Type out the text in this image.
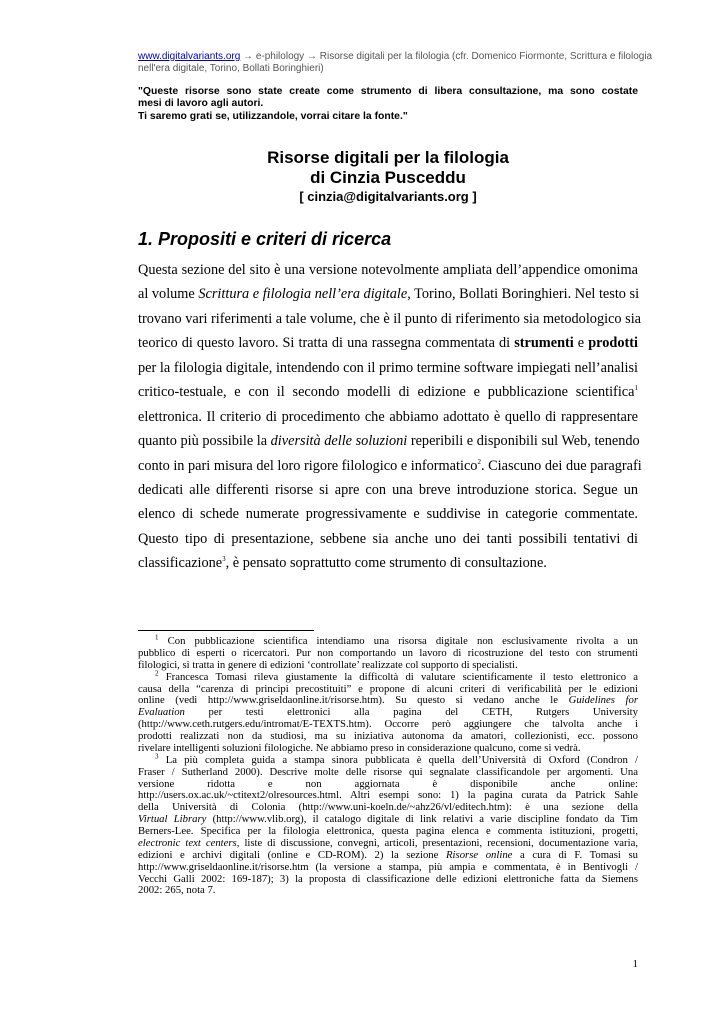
www.digitalvariants.org → e-philology → Risorse digitali per la filologia (cfr. Domenico Fiormonte, Scrittura e filologia
nell'era digitale, Torino, Bollati Boringhieri)
"Queste risorse sono state create come strumento di libera consultazione, ma sono costate
mesi di lavoro agli autori.
Ti saremo grati se, utilizzandole, vorrai citare la fonte."
Risorse digitali per la filologia
di Cinzia Pusceddu
[ cinzia@digitalvariants.org ]
1. Propositi e criteri di ricerca
Questa sezione del sito è una versione notevolmente ampliata dell’appendice omonima
al volume Scrittura e filologia nell’era digitale, Torino, Bollati Boringhieri. Nel testo si
trovano vari riferimenti a tale volume, che è il punto di riferimento sia metodologico sia
teorico di questo lavoro. Si tratta di una rassegna commentata di strumenti e prodotti
per la filologia digitale, intendendo con il primo termine software impiegati nell’analisi
critico-testuale, e con il secondo modelli di edizione e pubblicazione scientifica$^1$
elettronica. Il criterio di procedimento che abbiamo adottato è quello di rappresentare
quanto più possibile la diversità delle soluzioni reperibili e disponibili sul Web, tenendo
conto in pari misura del loro rigore filologico e informatico$^2$. Ciascuno dei due paragrafi
dedicati alle differenti risorse si apre con una breve introduzione storica. Segue un
elenco di schede numerate progressivamente e suddivise in categorie commentate.
Questo tipo di presentazione, sebbene sia anche uno dei tanti possibili tentativi di
classificazione$^3$, è pensato soprattutto come strumento di consultazione.
$^1$ Con pubblicazione scientifica intendiamo una risorsa digitale non esclusivamente rivolta a un
pubblico di esperti o ricercatori. Pur non comportando un lavoro di ricostruzione del testo con strumenti
filologici, si tratta in genere di edizioni ‘controllate’ realizzate col supporto di specialisti.
$^2$ Francesca Tomasi rileva giustamente la difficoltà di valutare scientificamente il testo elettronico a
causa della “carenza di principi precostituiti” e propone di alcuni criteri di verificabilità per le edizioni
online (vedi http://www.griseldaonline.it/risorse.htm). Su questo si vedano anche le Guidelines for
Evaluation per testi elettronici alla pagina del CETH, Rutgers University
(http://www.ceth.rutgers.edu/intromat/E-TEXTS.htm). Occorre però aggiungere che talvolta anche i
prodotti realizzati non da studiosi, ma su iniziativa autonoma da amatori, collezionisti, ecc. possono
rivelare intelligenti soluzioni filologiche. Ne abbiamo preso in considerazione qualcuno, come si vedrà.
$^3$ La più completa guida a stampa sinora pubblicata è quella dell’Università di Oxford (Condron /
Fraser / Sutherland 2000). Descrive molte delle risorse qui segnalate classificandole per argomenti. Una
versione ridotta e non aggiornata è disponibile anche online:
http://users.ox.ac.uk/~ctitext2/olresources.html. Altri esempi sono: 1) la pagina curata da Patrick Sahle
della Università di Colonia (http://www.uni-koeln.de/~ahz26/vl/editech.htm): è una sezione della
Virtual Library (http://www.vlib.org), il catalogo digitale di link relativi a varie discipline fondato da Tim
Berners-Lee. Specifica per la filologia elettronica, questa pagina elenca e commenta istituzioni, progetti,
electronic text centers, liste di discussione, convegni, articoli, presentazioni, recensioni, documentazione varia,
edizioni e archivi digitali (online e CD-ROM). 2) la sezione Risorse online a cura di F. Tomasi su
http://www.griseldaonline.it/risorse.htm (la versione a stampa, più ampia e commentata, è in Bentivogli /
Vecchi Galli 2002: 169-187); 3) la proposta di classificazione delle edizioni elettroniche fatta da Siemens
2002: 265, nota 7.
1
